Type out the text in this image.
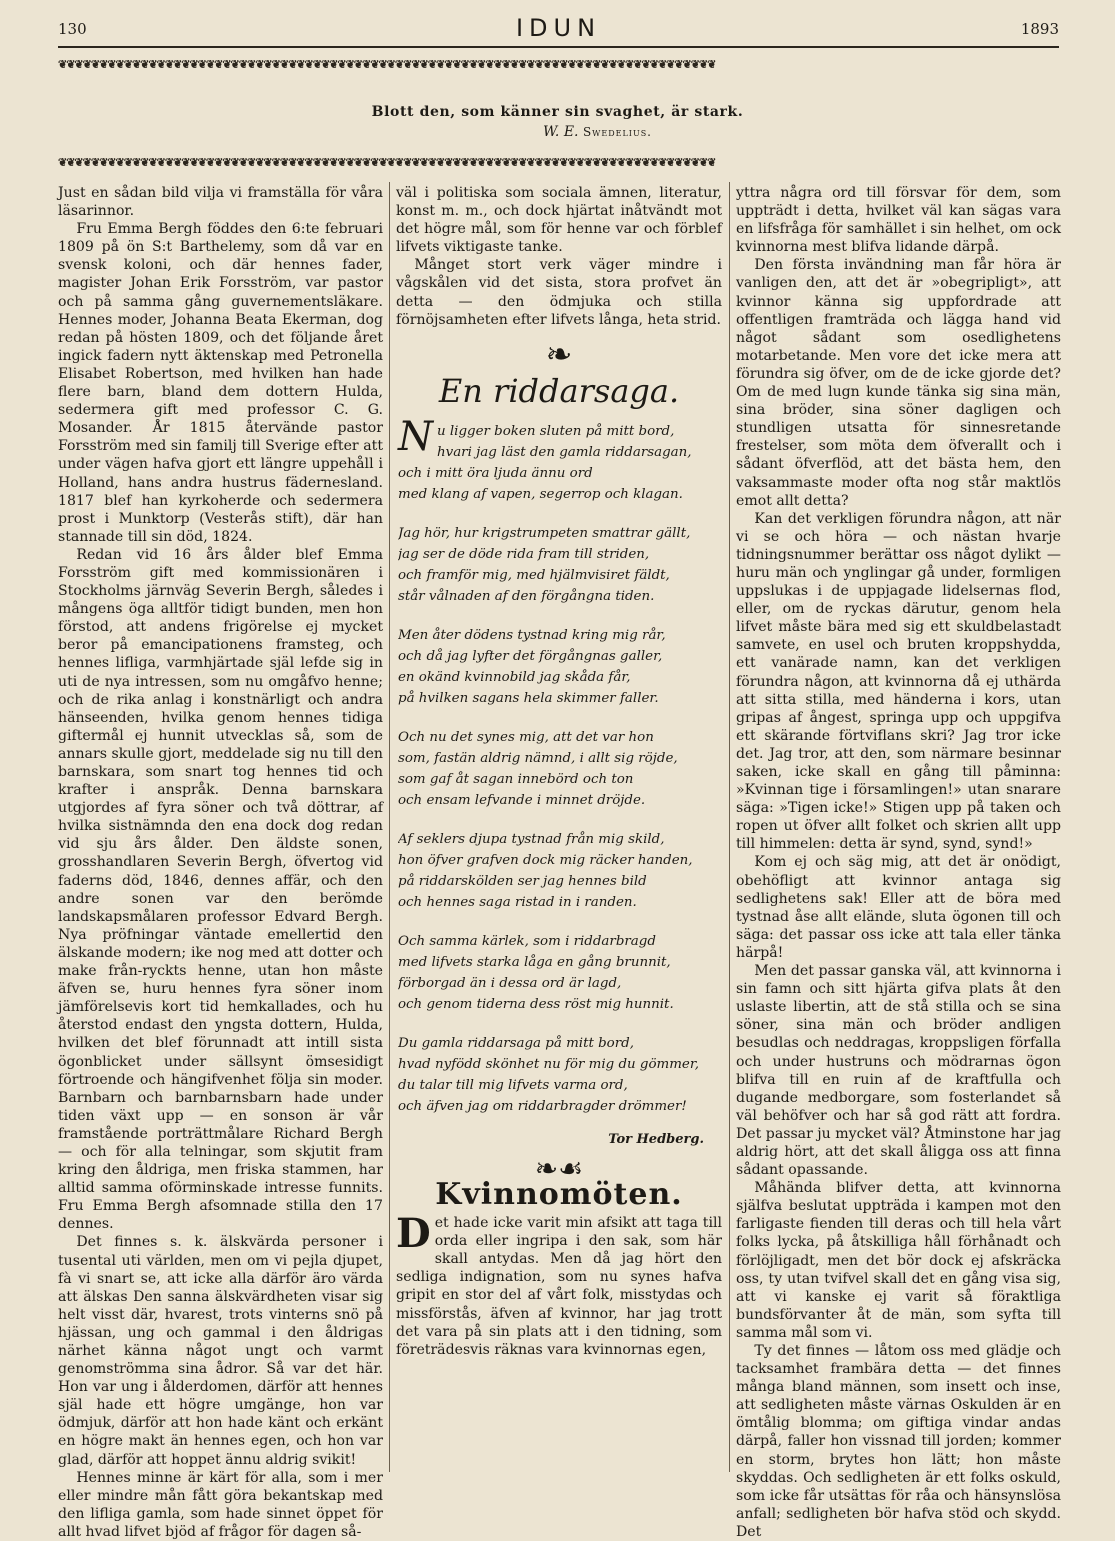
130	IDUN	1893
❦❦❦❦❦❦❦❦❦❦❦❦❦❦❦❦❦❦❦❦❦❦❦❦❦❦❦❦❦❦❦❦❦❦❦❦❦❦❦❦❦❦❦❦❦❦❦❦❦❦❦❦❦❦❦❦❦❦❦❦❦❦❦❦❦❦❦❦❦❦❦❦❦❦❦❦❦❦❦❦
Blott den, som känner sin svaghet, är stark.
W. E. Swedelius.
❦❦❦❦❦❦❦❦❦❦❦❦❦❦❦❦❦❦❦❦❦❦❦❦❦❦❦❦❦❦❦❦❦❦❦❦❦❦❦❦❦❦❦❦❦❦❦❦❦❦❦❦❦❦❦❦❦❦❦❦❦❦❦❦❦❦❦❦❦❦❦❦❦❦❦❦❦❦❦❦

Just en sådan bild vilja vi framställa för våra läsarinnor.

Fru Emma Bergh föddes den 6:te februari 1809 på ön S:t Barthelemy, som då var en svensk koloni, och där hennes fader, magister Johan Erik Forsström, var pastor och på samma gång guvernementsläkare. Hennes moder, Johanna Beata Ekerman, dog redan på hösten 1809, och det följande året ingick fadern nytt äktenskap med Petronella Elisabet Robertson, med hvilken han hade flere barn, bland dem dottern Hulda, sedermera gift med professor C. G. Mosander. År 1815 återvände pastor Forsström med sin familj till Sverige efter att under vägen hafva gjort ett längre uppehåll i Holland, hans andra hustrus fädernesland. 1817 blef han kyrkoherde och sedermera prost i Munktorp (Vesterås stift), där han stannade till sin död, 1824.

Redan vid 16 års ålder blef Emma Forsström gift med kommissionären i Stockholms järnväg Severin Bergh, således i mångens öga alltför tidigt bunden, men hon förstod, att andens frigörelse ej mycket beror på emancipationens framsteg, och hennes lifliga, varmhjärtade själ lefde sig in uti de nya intressen, som nu omgåfvo henne; och de rika anlag i konstnärligt och andra hänseenden, hvilka genom hennes tidiga giftermål ej hunnit utvecklas så, som de annars skulle gjort, meddelade sig nu till den barnskara, som snart tog hennes tid och krafter i anspråk. Denna barnskara utgjordes af fyra söner och två döttrar, af hvilka sistnämnda den ena dock dog redan vid sju års ålder. Den äldste sonen, grosshandlaren Severin Bergh, öfvertog vid faderns död, 1846, dennes affär, och den andre sonen var den berömde landskapsmålaren professor Edvard Bergh. Nya pröfningar väntade emellertid den älskande modern; ike nog med att dotter och make från-ryckts henne, utan hon måste äfven se, huru hennes fyra söner inom jämförelsevis kort tid hemkallades, och hu återstod endast den yngsta dottern, Hulda, hvilken det blef förunnadt att intill sista ögonblicket under sällsynt ömsesidigt förtroende och hängifvenhet följa sin moder. Barnbarn och barnbarnsbarn hade under tiden växt upp — en sonson är vår framstående porträttmålare Richard Bergh — och för alla telningar, som skjutit fram kring den åldriga, men friska stammen, har alltid samma oförminskade intresse funnits. Fru Emma Bergh afsomnade stilla den 17 dennes.

Det finnes s. k. älskvärda personer i tusental uti världen, men om vi pejla djupet, fà vi snart se, att icke alla därför äro värda att älskas Den sanna älskvärdheten visar sig helt visst där, hvarest, trots vinterns snö på hjässan, ung och gammal i den åldrigas närhet känna något ungt och varmt genomströmma sina ådror. Så var det här. Hon var ung i ålderdomen, därför att hennes själ hade ett högre umgänge, hon var ödmjuk, därför att hon hade känt och erkänt en högre makt än hennes egen, och hon var glad, därför att hoppet ännu aldrig svikit!

Hennes minne är kärt för alla, som i mer eller mindre mån fått göra bekantskap med den lifliga gamla, som hade sinnet öppet för allt hvad lifvet bjöd af frågor för dagen så-

väl i politiska som sociala ämnen, literatur, konst m. m., och dock hjärtat inåtvändt mot det högre mål, som för henne var och förblef lifvets viktigaste tanke.

Månget stort verk väger mindre i vågskålen vid det sista, stora profvet än detta — den ödmjuka och stilla förnöjsamheten efter lifvets långa, heta strid.

❧
En riddarsaga.
N u ligger boken sluten på mitt bord,
hvari jag läst den gamla riddarsagan,
och i mitt öra ljuda ännu ord
med klang af vapen, segerrop och klagan.
Jag hör, hur krigstrumpeten smattrar gällt,
jag ser de döde rida fram till striden,
och framför mig, med hjälmvisiret fäldt,
står vålnaden af den förgångna tiden.
Men åter dödens tystnad kring mig rår,
och då jag lyfter det förgångnas galler,
en okänd kvinnobild jag skåda får,
på hvilken sagans hela skimmer faller.
Och nu det synes mig, att det var hon
som, fastän aldrig nämnd, i allt sig röjde,
som gaf åt sagan innebörd och ton
och ensam lefvande i minnet dröjde.
Af seklers djupa tystnad från mig skild,
hon öfver grafven dock mig räcker handen,
på riddarskölden ser jag hennes bild
och hennes saga ristad in i randen.
Och samma kärlek, som i riddarbragd
med lifvets starka låga en gång brunnit,
förborgad än i dessa ord är lagd,
och genom tiderna dess röst mig hunnit.
Du gamla riddarsaga på mitt bord,
hvad nyfödd skönhet nu för mig du gömmer,
du talar till mig lifvets varma ord,
och äfven jag om riddarbragder drömmer!
Tor Hedberg.
❧☙
Kvinnomöten.

Det hade icke varit min afsikt att taga till orda eller ingripa i den sak, som här skall antydas. Men då jag hört den sedliga indignation, som nu synes hafva gripit en stor del af vårt folk, misstydas och missförstås, äfven af kvinnor, har jag trott det vara på sin plats att i den tidning, som företrädesvis räknas vara kvinnornas egen,

yttra några ord till försvar för dem, som uppträdt i detta, hvilket väl kan sägas vara en lifsfråga för samhället i sin helhet, om ock kvinnorna mest blifva lidande därpå.

Den första invändning man får höra är vanligen den, att det är »obegripligt», att kvinnor känna sig uppfordrade att offentligen framträda och lägga hand vid något sådant som osedlighetens motarbetande. Men vore det icke mera att förundra sig öfver, om de de icke gjorde det? Om de med lugn kunde tänka sig sina män, sina bröder, sina söner dagligen och stundligen utsatta för sinnesretande frestelser, som möta dem öfverallt och i sådant öfverflöd, att det bästa hem, den vaksammaste moder ofta nog står maktlös emot allt detta?

Kan det verkligen förundra någon, att när vi se och höra — och nästan hvarje tidningsnummer berättar oss något dylikt — huru män och ynglingar gå under, formligen uppslukas i de uppjagade lidelsernas flod, eller, om de ryckas därutur, genom hela lifvet måste bära med sig ett skuldbelastadt samvete, en usel och bruten kroppshydda, ett vanärade namn, kan det verkligen förundra någon, att kvinnorna då ej uthärda att sitta stilla, med händerna i kors, utan gripas af ångest, springa upp och uppgifva ett skärande förtviflans skri? Jag tror icke det. Jag tror, att den, som närmare besinnar saken, icke skall en gång till påminna: »Kvinnan tige i församlingen!» utan snarare säga: »Tigen icke!» Stigen upp på taken och ropen ut öfver allt folket och skrien allt upp till himmelen: detta är synd, synd, synd!»

Kom ej och säg mig, att det är onödigt, obehöfligt att kvinnor antaga sig sedlighetens sak! Eller att de böra med tystnad åse allt elände, sluta ögonen till och säga: det passar oss icke att tala eller tänka härpå!

Men det passar ganska väl, att kvinnorna i sin famn och sitt hjärta gifva plats åt den uslaste libertin, att de stå stilla och se sina söner, sina män och bröder andligen besudlas och neddragas, kroppsligen förfalla och under hustruns och mödrarnas ögon blifva till en ruin af de kraftfulla och dugande medborgare, som fosterlandet så väl behöfver och har så god rätt att fordra. Det passar ju mycket väl? Åtminstone har jag aldrig hört, att det skall åliggа oss att finna sådant opassande.

Måhända blifver detta, att kvinnorna själfva beslutat uppträda i kampen mot den farligaste fienden till deras och till hela vårt folks lycka, på åtskilliga håll förhånadt och förlöjligadt, men det bör dock ej afskräcka oss, ty utan tvifvel skall det en gång visa sig, att vi kanske ej varit så föraktliga bundsförvanter åt de män, som syfta till samma mål som vi.

Ty det finnes — låtom oss med glädje och tacksamhet frambära detta — det finnes många bland männen, som insett och inse, att sedligheten måste värnas Oskulden är en ömtålig blomma; om giftiga vindar andas därpå, faller hon vissnad till jorden; kommer en storm, brytes hon lätt; hon måste skyddas. Och sedligheten är ett folks oskuld, som icke får utsättas för råa och hänsynslösa anfall; sedligheten bör hafva stöd och skydd. Det
